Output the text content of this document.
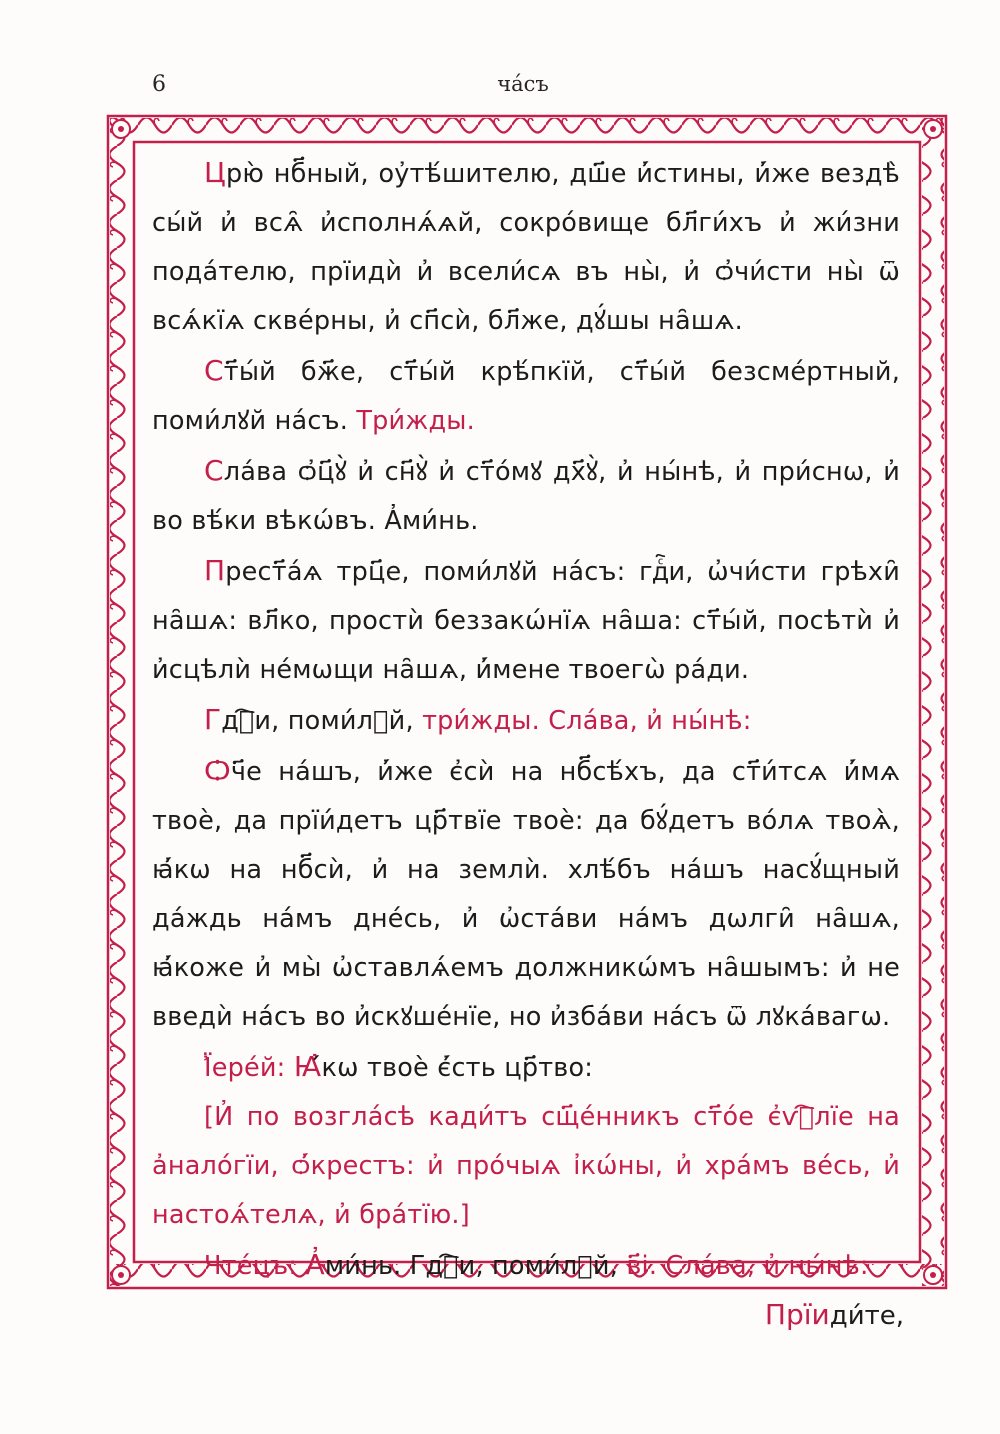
6	ча́съ

Црю̀ нб҃ный, оу҆тѣ́шителю, дш҃е и҆́стины, и҆́же вездѣ̀ сы́й и҆ всѧ̑ и҆сполнѧ́ѧй, сокро́вище бл҃ги́хъ и҆ жи́зни пода́телю, прїидѝ и҆ всели́сѧ въ ны̀, и҆ ѻ҆чи́сти ны̀ ѿ всѧ́кїѧ скве́рны, и҆ сп҃сѝ, бл҃же, дꙋ́шы на̑шѧ.

Ст҃ы́й бж҃е, ст҃ы́й крѣ́пкїй, ст҃ы́й безсме́ртный, поми́лꙋй на́съ. Три́жды.

Сла́ва ѻ҆ц҃ꙋ̀ и҆ сн҃ꙋ̀ и҆ ст҃о́мꙋ дх҃ꙋ̀, и҆ ны́нѣ, и҆ при́снѡ, и҆ во вѣ́ки вѣкѡ́въ. А҆ми́нь.

Прест҃а́ѧ трц҃е, поми́лꙋй на́съ: гдⷭ҇и, ѡ҆чи́сти грѣхи̑ на̑шѧ: вл҃ко, простѝ беззакѡ́нїѧ на̑ша: ст҃ы́й, посѣтѝ и҆ и҆сцѣлѝ не́мѡщи на̑шѧ, и҆́мене твоегѡ̀ ра́ди.

Гдⷭ҇и, поми́лꙋй, три́жды. Сла́ва, и҆ ны́нѣ:

Ѻч҃е на́шъ, и҆́же є҆сѝ на нб҃сѣ́хъ, да ст҃и́тсѧ и҆́мѧ твоѐ, да прїи́детъ цр҃твїе твоѐ: да бꙋ́детъ во́лѧ твоѧ̀, ꙗ҆́кѡ на нб҃сѝ, и҆ на землѝ. хлѣ́бъ на́шъ насꙋ́щный да́ждь на́мъ дне́сь, и҆ ѡ҆ста́ви на́мъ дѡлги̑ на̑шѧ, ꙗ҆́коже и҆ мы̀ ѡ҆ставлѧ́емъ должникѡ́мъ на̑шымъ: и҆ не введѝ на́съ во и҆скꙋше́нїе, но и҆зба́ви на́съ ѿ лꙋка́вагѡ.

Ї҆ере́й: Ꙗ҆́кѡ твоѐ є҆́сть цр҃тво:

[И҆ по возгла́сѣ кади́тъ сщ҃е́нникъ ст҃о́е є҆ѵⷢ҇лїе на а҆нало́гїи, ѻ҆́крестъ: и҆ про́чыѧ і҆кѡ́ны, и҆ хра́мъ ве́сь, и҆ настоѧ́телѧ, и҆ бра́тїю.]

Чте́цъ: А҆ми́нь. Гдⷭ҇и, поми́лꙋй, в҃і. Сла́ва, и҆ ны́нѣ:

Прїиди́те,
